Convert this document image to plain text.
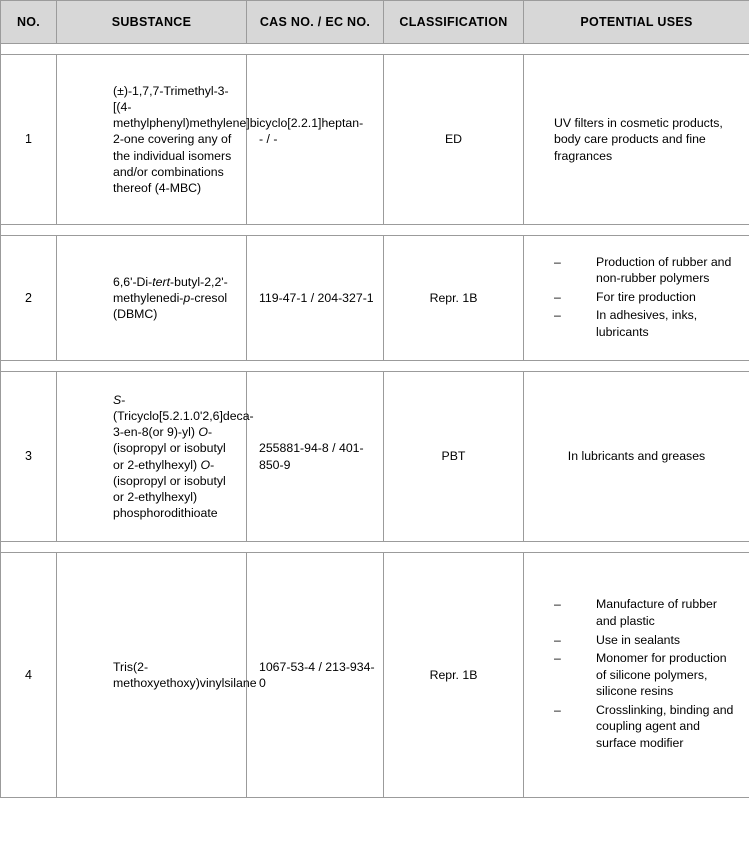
NO.	SUBSTANCE	CAS NO. / EC NO.	CLASSIFICATION	POTENTIAL USES

1	(±)-1,7,7-Trimethyl-3-[(4-methylphenyl)methylene]bicyclo[2.2.1]heptan-2-one covering any of the individual isomers and/or combinations thereof (4-MBC)	- / -	ED	UV filters in cosmetic products, body care products and fine fragrances

2	6,6'-Di-tert-butyl-2,2'-methylenedi-p-cresol (DBMC)	119-47-1 / 204-327-1	Repr. 1B	
–	Production of rubber and non-rubber polymers
–	For tire production
–	In adhesives, inks, lubricants

3	S-(Tricyclo[5.2.1.0'2,6]deca-3-en-8(or 9)-yl) O-(isopropyl or isobutyl or 2-ethylhexyl) O-(isopropyl or isobutyl or 2-ethylhexyl) phosphorodithioate	255881-94-8 / 401-850-9	PBT	In lubricants and greases

4	Tris(2-methoxyethoxy)vinylsilane	1067-53-4 / 213-934-0	Repr. 1B	
–	Manufacture of rubber and plastic
–	Use in sealants
–	Monomer for production of silicone polymers, silicone resins
–	Crosslinking, binding and coupling agent and surface modifier
